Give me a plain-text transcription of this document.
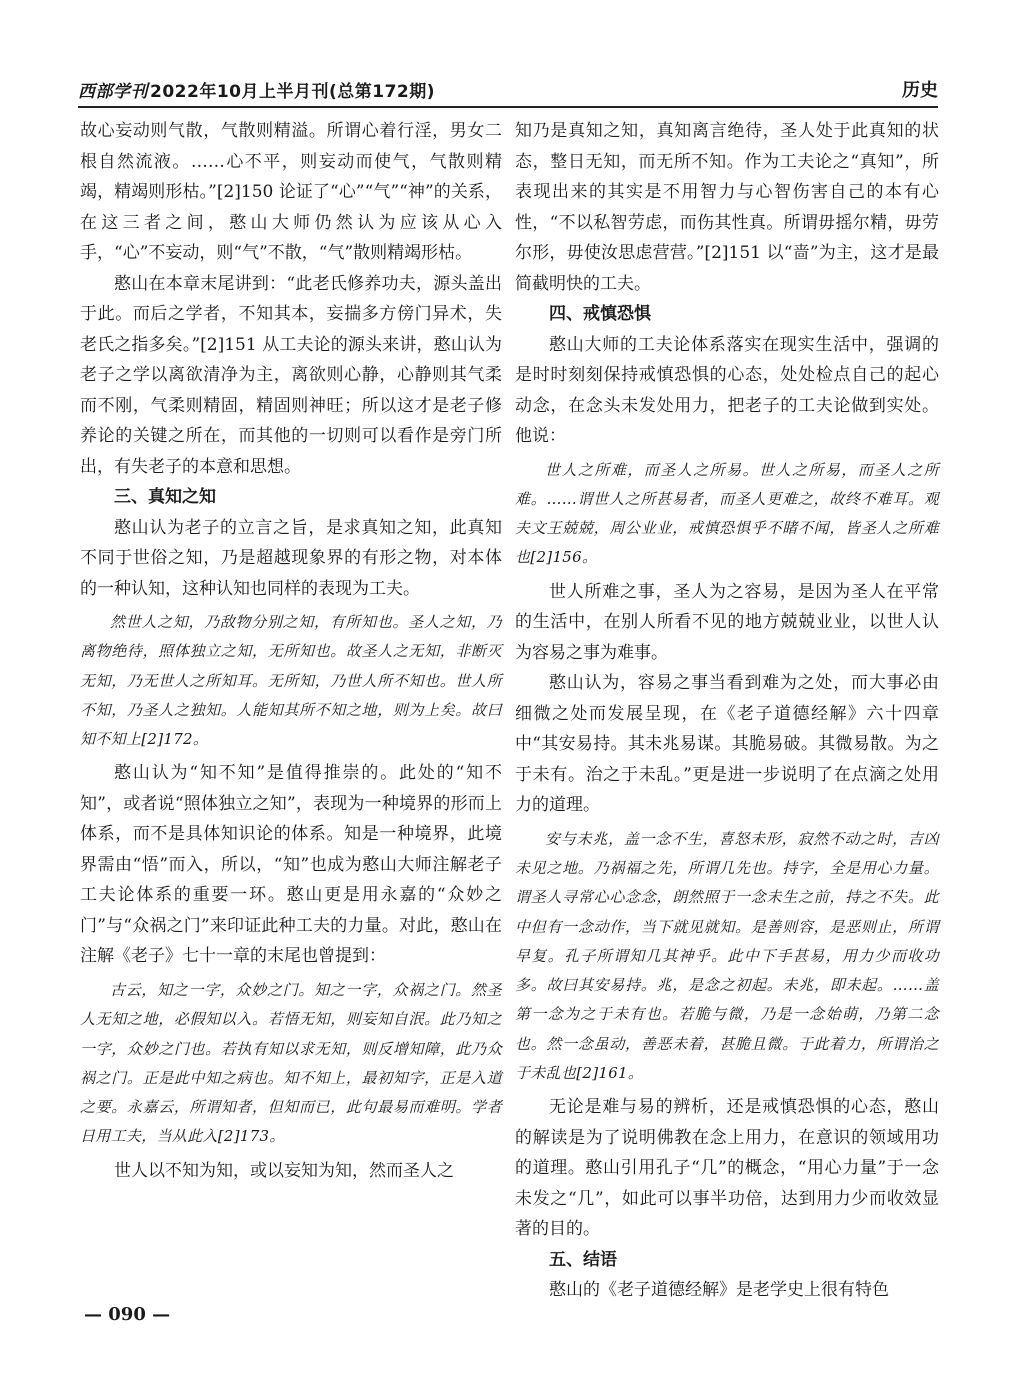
西部学刊 2022年10月上半月刊(总第172期)	历史

故心妄动则气散，气散则精溢。所谓心着行淫，男女二根自然流液。……心不平，则妄动而使气，气散则精竭，精竭则形枯。”[2]150 论证了“心”“气”“神”的关系，在这三者之间，憨山大师仍然认为应该从心入手，“心”不妄动，则“气”不散，“气”散则精竭形枯。

憨山在本章末尾讲到：“此老氏修养功夫，源头盖出于此。而后之学者，不知其本，妄揣多方傍门异术，失老氏之指多矣。”[2]151 从工夫论的源头来讲，憨山认为老子之学以离欲清净为主，离欲则心静，心静则其气柔而不刚，气柔则精固，精固则神旺；所以这才是老子修养论的关键之所在，而其他的一切则可以看作是旁门所出，有失老子的本意和思想。

三、真知之知

憨山认为老子的立言之旨，是求真知之知，此真知不同于世俗之知，乃是超越现象界的有形之物，对本体的一种认知，这种认知也同样的表现为工夫。

然世人之知，乃敌物分别之知，有所知也。圣人之知，乃离物绝待，照体独立之知，无所知也。故圣人之无知，非断灭无知，乃无世人之所知耳。无所知，乃世人所不知也。世人所不知，乃圣人之独知。人能知其所不知之地，则为上矣。故曰知不知上[2]172。

憨山认为“知不知”是值得推崇的。此处的“知不知”，或者说“照体独立之知”，表现为一种境界的形而上体系，而不是具体知识论的体系。知是一种境界，此境界需由“悟”而入，所以，“知”也成为憨山大师注解老子工夫论体系的重要一环。憨山更是用永嘉的“众妙之门”与“众祸之门”来印证此种工夫的力量。对此，憨山在注解《老子》七十一章的末尾也曾提到：

古云，知之一字，众妙之门。知之一字，众祸之门。然圣人无知之地，必假知以入。若悟无知，则妄知自泯。此乃知之一字，众妙之门也。若执有知以求无知，则反增知障，此乃众祸之门。正是此中知之病也。知不知上，最初知字，正是入道之要。永嘉云，所谓知者，但知而已，此句最易而难明。学者日用工夫，当从此入[2]173。

世人以不知为知，或以妄知为知，然而圣人之

知乃是真知之知，真知离言绝待，圣人处于此真知的状态，整日无知，而无所不知。作为工夫论之“真知”，所表现出来的其实是不用智力与心智伤害自己的本有心性，“不以私智劳虑，而伤其性真。所谓毋摇尔精，毋劳尔形，毋使汝思虑营营。”[2]151 以“啬”为主，这才是最简截明快的工夫。

四、戒慎恐惧

憨山大师的工夫论体系落实在现实生活中，强调的是时时刻刻保持戒慎恐惧的心态，处处检点自己的起心动念，在念头未发处用力，把老子的工夫论做到实处。他说：

世人之所难，而圣人之所易。世人之所易，而圣人之所难。……谓世人之所甚易者，而圣人更难之，故终不难耳。观夫文王兢兢，周公业业，戒慎恐惧乎不睹不闻，皆圣人之所难也[2]156。

世人所难之事，圣人为之容易，是因为圣人在平常的生活中，在别人所看不见的地方兢兢业业，以世人认为容易之事为难事。

憨山认为，容易之事当看到难为之处，而大事必由细微之处而发展呈现，在《老子道德经解》六十四章中“其安易持。其未兆易谋。其脆易破。其微易散。为之于未有。治之于未乱。”更是进一步说明了在点滴之处用力的道理。

安与未兆，盖一念不生，喜怒未形，寂然不动之时，吉凶未见之地。乃祸福之先，所谓几先也。持字，全是用心力量。谓圣人寻常心心念念，朗然照于一念未生之前，持之不失。此中但有一念动作，当下就见就知。是善则容，是恶则止，所谓早复。孔子所谓知几其神乎。此中下手甚易，用力少而收功多。故曰其安易持。兆，是念之初起。未兆，即未起。……盖第一念为之于未有也。若脆与微，乃是一念始萌，乃第二念也。然一念虽动，善恶未着，甚脆且微。于此着力，所谓治之于未乱也[2]161。

无论是难与易的辨析，还是戒慎恐惧的心态，憨山的解读是为了说明佛教在念上用力，在意识的领域用功的道理。憨山引用孔子“几”的概念，“用心力量”于一念未发之“几”，如此可以事半功倍，达到用力少而收效显著的目的。

五、结语

憨山的《老子道德经解》是老学史上很有特色

— 090 —
